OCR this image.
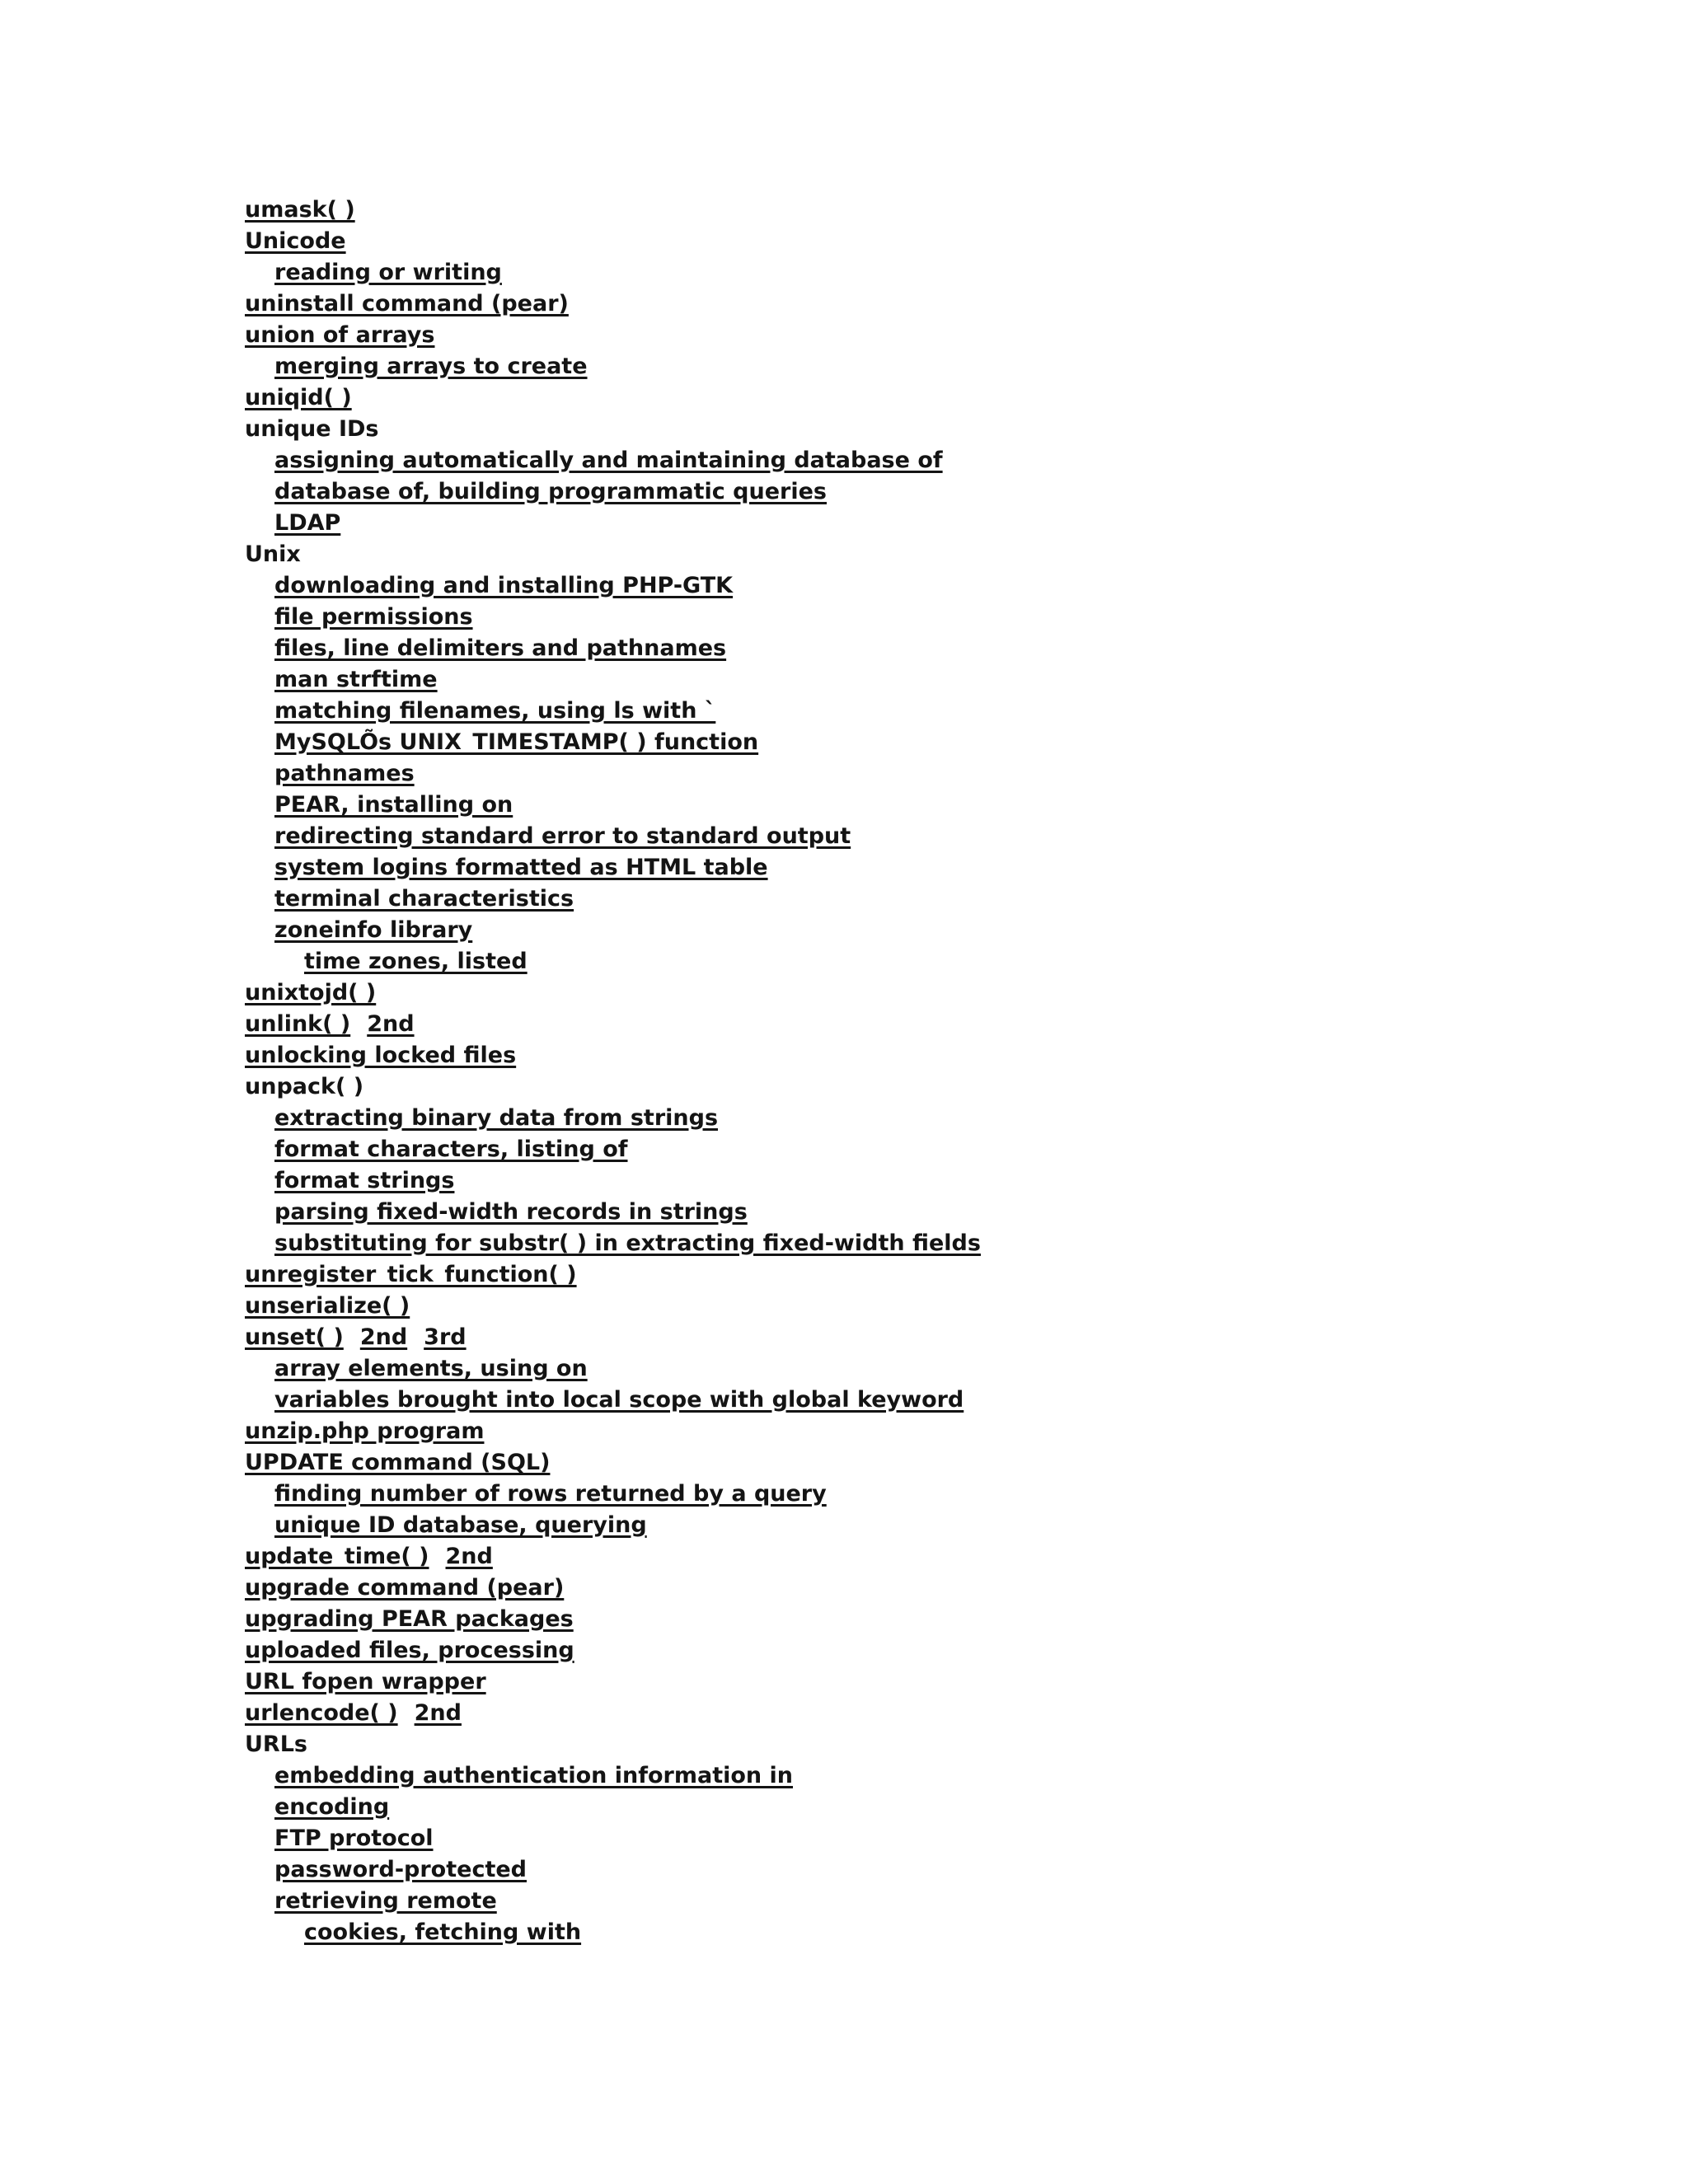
umask( )
Unicode
reading or writing
uninstall command (pear)
union of arrays
merging arrays to create
uniqid( )
unique IDs
assigning automatically and maintaining database of
database of, building programmatic queries
LDAP
Unix
downloading and installing PHP-GTK
file permissions
files, line delimiters and pathnames
man strftime
matching filenames, using ls with `
MySQLÕs UNIX_TIMESTAMP( ) function
pathnames
PEAR, installing on
redirecting standard error to standard output
system logins formatted as HTML table
terminal characteristics
zoneinfo library
time zones, listed
unixtojd( )
unlink( ) 2nd
unlocking locked files
unpack( )
extracting binary data from strings
format characters, listing of
format strings
parsing fixed-width records in strings
substituting for substr( ) in extracting fixed-width fields
unregister_tick_function( )
unserialize( )
unset( ) 2nd 3rd
array elements, using on
variables brought into local scope with global keyword
unzip.php program
UPDATE command (SQL)
finding number of rows returned by a query
unique ID database, querying
update_time( ) 2nd
upgrade command (pear)
upgrading PEAR packages
uploaded files, processing
URL fopen wrapper
urlencode( ) 2nd
URLs
embedding authentication information in
encoding
FTP protocol
password-protected
retrieving remote
cookies, fetching with
